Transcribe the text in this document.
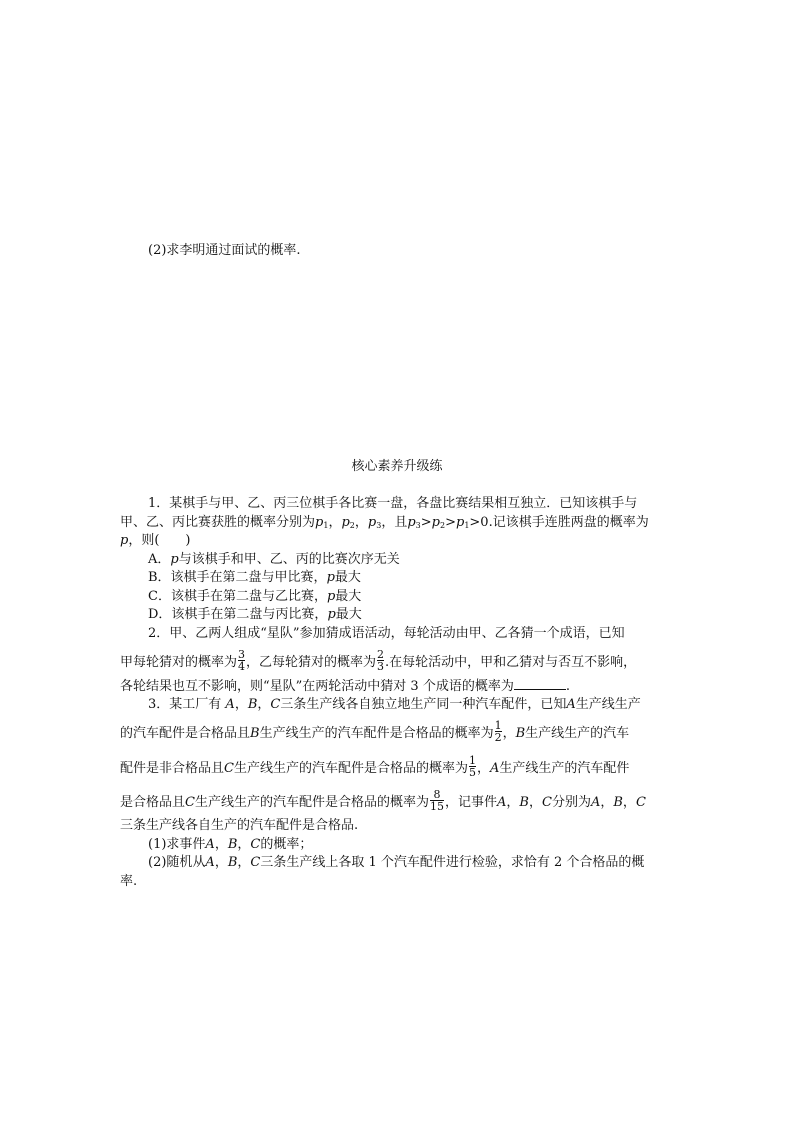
(2)求李明通过面试的概率.
核心素养升级练
1．某棋手与甲、乙、丙三位棋手各比赛一盘，各盘比赛结果相互独立．已知该棋手与
甲、乙、丙比赛获胜的概率分别为$p_1$，$p_2$，$p_3$，且$p_3>p_2>p_1>0$.记该棋手连胜两盘的概率为
p，则(　　)
A．p与该棋手和甲、乙、丙的比赛次序无关
B．该棋手在第二盘与甲比赛，p最大
C．该棋手在第二盘与乙比赛，p最大
D．该棋手在第二盘与丙比赛，p最大
2．甲、乙两人组成“星队”参加猜成语活动，每轮活动由甲、乙各猜一个成语，已知
甲每轮猜对的概率为 $\frac{3}{4}$ ，乙每轮猜对的概率为 $\frac{2}{3}$ .在每轮活动中，甲和乙猜对与否互不影响，
各轮结果也互不影响，则“星队”在两轮活动中猜对 3 个成语的概率为	.
3．某工厂有 A，B，C三条生产线各自独立地生产同一种汽车配件，已知A生产线生产
的汽车配件是合格品且B生产线生产的汽车配件是合格品的概率为 $\frac{1}{2}$ ，B生产线生产的汽车
配件是非合格品且C生产线生产的汽车配件是合格品的概率为 $\frac{1}{5}$ ，A生产线生产的汽车配件
是合格品且C生产线生产的汽车配件是合格品的概率为 $\frac{8}{15}$ ，记事件A，B，C分别为A，B，C
三条生产线各自生产的汽车配件是合格品.
(1)求事件A，B，C的概率；
(2)随机从A，B，C三条生产线上各取 1 个汽车配件进行检验，求恰有 2 个合格品的概
率.
